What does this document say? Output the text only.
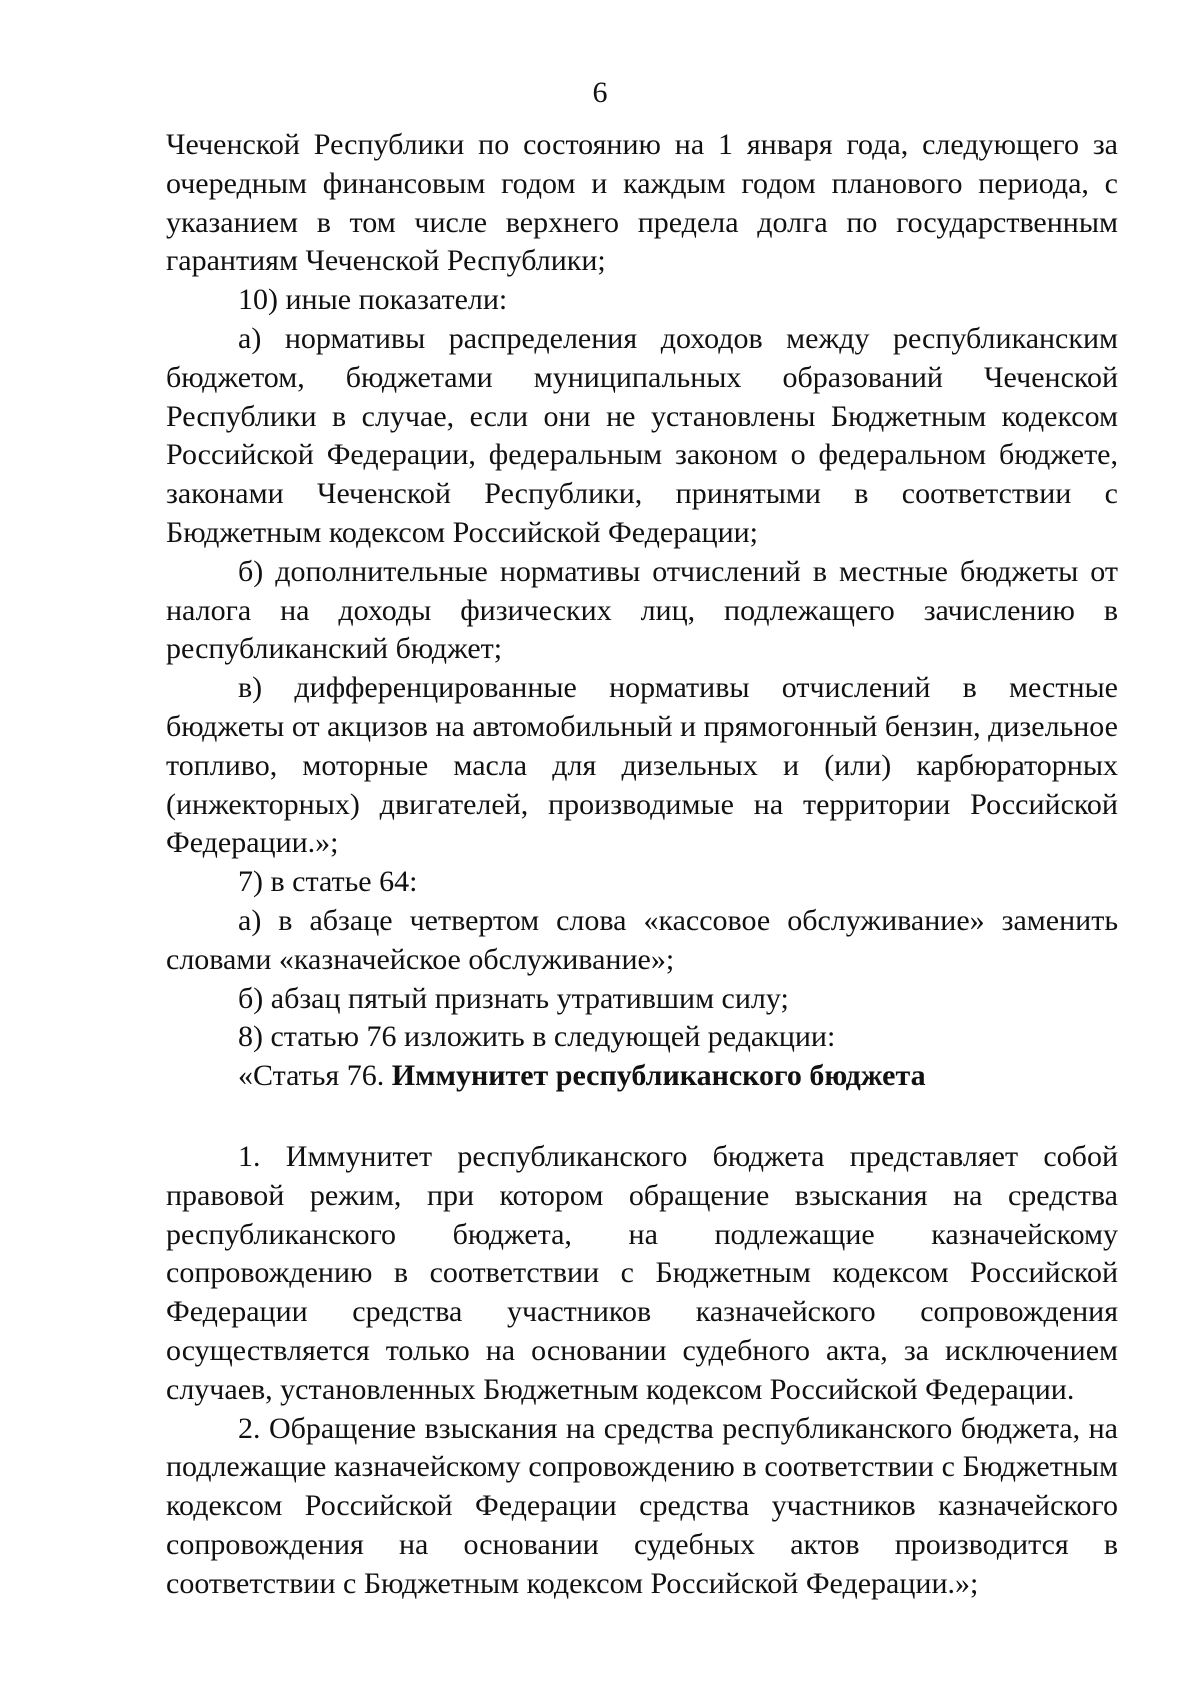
6

Чеченской Республики по состоянию на 1 января года, следующего за очередным финансовым годом и каждым годом планового периода, с указанием в том числе верхнего предела долга по государственным гарантиям Чеченской Республики;

10) иные показатели:

а) нормативы распределения доходов между республиканским бюджетом, бюджетами муниципальных образований Чеченской Республики в случае, если они не установлены Бюджетным кодексом Российской Федерации, федеральным законом о федеральном бюджете, законами Чеченской Республики, принятыми в соответствии с Бюджетным кодексом Российской Федерации;

б) дополнительные нормативы отчислений в местные бюджеты от налога на доходы физических лиц, подлежащего зачислению в республиканский бюджет;

в) дифференцированные нормативы отчислений в местные бюджеты от акцизов на автомобильный и прямогонный бензин, дизельное топливо, моторные масла для дизельных и (или) карбюраторных (инжекторных) двигателей, производимые на территории Российской Федерации.»;

7) в статье 64:

а) в абзаце четвертом слова «кассовое обслуживание» заменить словами «казначейское обслуживание»;

б) абзац пятый признать утратившим силу;

8) статью 76 изложить в следующей редакции:

«Статья 76. Иммунитет республиканского бюджета

1. Иммунитет республиканского бюджета представляет собой правовой режим, при котором обращение взыскания на средства республиканского бюджета, на подлежащие казначейскому сопровождению в соответствии с Бюджетным кодексом Российской Федерации средства участников казначейского сопровождения осуществляется только на основании судебного акта, за исключением случаев, установленных Бюджетным кодексом Российской Федерации.

2. Обращение взыскания на средства республиканского бюджета, на подлежащие казначейскому сопровождению в соответствии с Бюджетным кодексом Российской Федерации средства участников казначейского сопровождения на основании судебных актов производится в соответствии с Бюджетным кодексом Российской Федерации.»;
